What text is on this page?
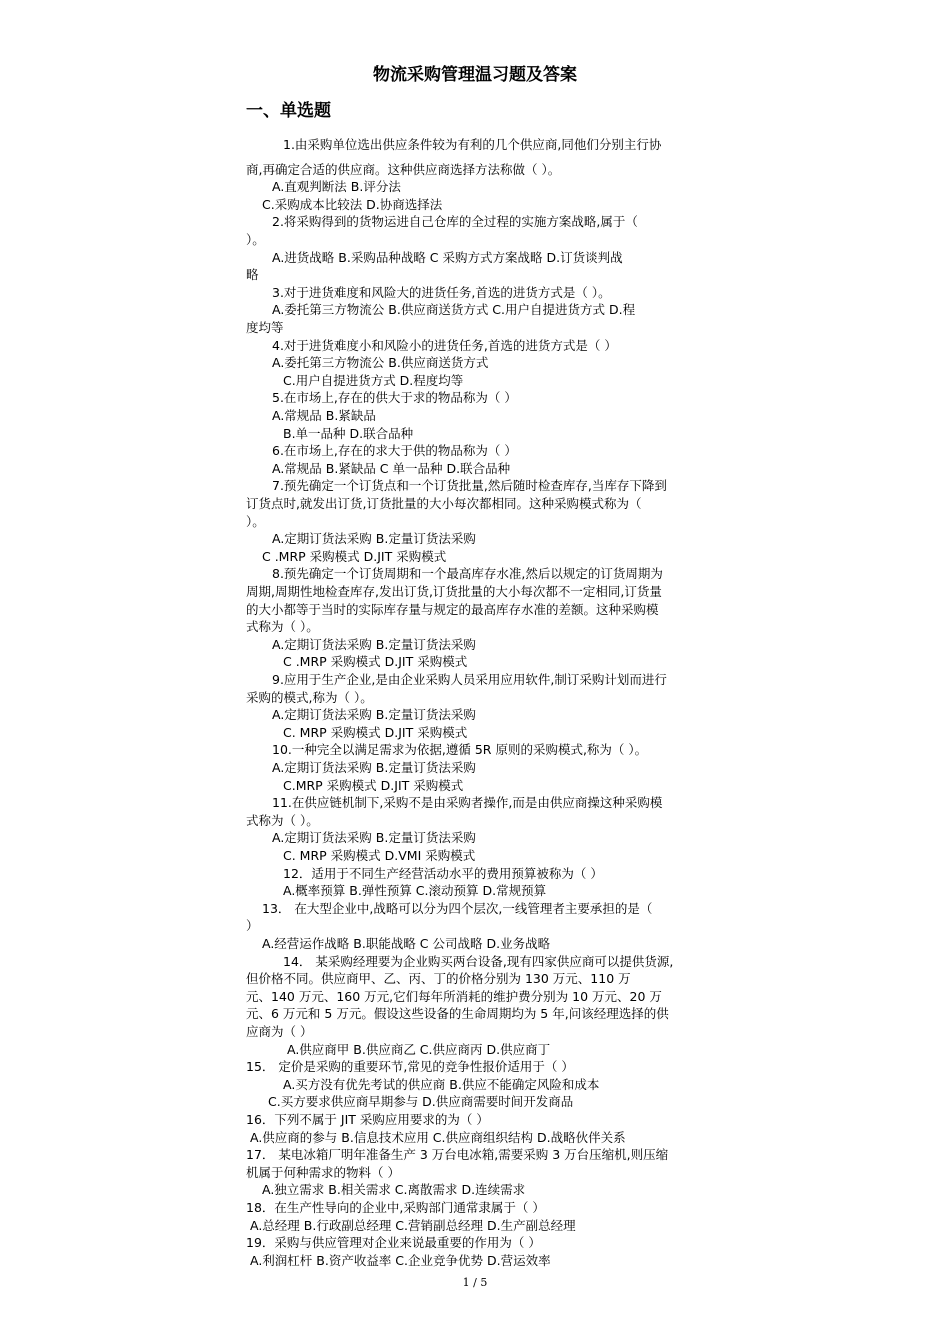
物流采购管理温习题及答案
一、单选题
1.由采购单位选出供应条件较为有利的几个供应商,同他们分别主行协
商,再确定合适的供应商。这种供应商选择方法称做（ ）。
A.直观判断法 B.评分法
C.采购成本比较法 D.协商选择法
2.将采购得到的货物运进自己仓库的全过程的实施方案战略,属于（
）。
A.进货战略 B.采购品种战略 C 采购方式方案战略 D.订货谈判战
略
3.对于进货难度和风险大的进货任务,首选的进货方式是（ ）。
A.委托第三方物流公 B.供应商送货方式 C.用户自提进货方式 D.程
度均等
4.对于进货难度小和风险小的进货任务,首选的进货方式是（ ）
A.委托第三方物流公 B.供应商送货方式
C.用户自提进货方式 D.程度均等
5.在市场上,存在的供大于求的物品称为（ ）
A.常规品 B.紧缺品
B.单一品种 D.联合品种
6.在市场上,存在的求大于供的物品称为（ ）
A.常规品 B.紧缺品 C 单一品种 D.联合品种
7.预先确定一个订货点和一个订货批量,然后随时检查库存,当库存下降到
订货点时,就发出订货,订货批量的大小每次都相同。这种采购模式称为（
）。
A.定期订货法采购 B.定量订货法采购
C .MRP 采购模式 D.JIT 采购模式
8.预先确定一个订货周期和一个最高库存水准,然后以规定的订货周期为
周期,周期性地检查库存,发出订货,订货批量的大小每次都不一定相同,订货量
的大小都等于当时的实际库存量与规定的最高库存水准的差额。这种采购模
式称为（ ）。
A.定期订货法采购 B.定量订货法采购
C .MRP 采购模式 D.JIT 采购模式
9.应用于生产企业,是由企业采购人员采用应用软件,制订采购计划而进行
采购的模式,称为（ ）。
A.定期订货法采购 B.定量订货法采购
C. MRP 采购模式 D.JIT 采购模式
10.一种完全以满足需求为依据,遵循 5R 原则的采购模式,称为（ ）。
A.定期订货法采购 B.定量订货法采购
C.MRP 采购模式 D.JIT 采购模式
11.在供应链机制下,采购不是由采购者操作,而是由供应商操这种采购模
式称为（ ）。
A.定期订货法采购 B.定量订货法采购
C. MRP 采购模式 D.VMI 采购模式
12．适用于不同生产经营活动水平的费用预算被称为（ ）
A.概率预算 B.弹性预算 C.滚动预算 D.常规预算
13． 在大型企业中,战略可以分为四个层次,一线管理者主要承担的是（
）
A.经营运作战略 B.职能战略 C 公司战略 D.业务战略
14． 某采购经理要为企业购买两台设备,现有四家供应商可以提供货源,
但价格不同。供应商甲、乙、丙、丁的价格分别为 130 万元、110 万
元、140 万元、160 万元,它们每年所消耗的维护费分别为 10 万元、20 万
元、6 万元和 5 万元。假设这些设备的生命周期均为 5 年,问该经理选择的供
应商为（ ）
A.供应商甲 B.供应商乙 C.供应商丙 D.供应商丁
15． 定价是采购的重要环节,常见的竞争性报价适用于（ ）
A.买方没有优先考试的供应商 B.供应不能确定风险和成本
C.买方要求供应商早期参与 D.供应商需要时间开发商品
16．下列不属于 JIT 采购应用要求的为（ ）
A.供应商的参与 B.信息技术应用 C.供应商组织结构 D.战略伙伴关系
17． 某电冰箱厂明年准备生产 3 万台电冰箱,需要采购 3 万台压缩机,则压缩
机属于何种需求的物料（ ）
A.独立需求 B.相关需求 C.离散需求 D.连续需求
18．在生产性导向的企业中,采购部门通常隶属于（ ）
A.总经理 B.行政副总经理 C.营销副总经理 D.生产副总经理
19．采购与供应管理对企业来说最重要的作用为（ ）
A.利润杠杆 B.资产收益率 C.企业竞争优势 D.营运效率
1 / 5
